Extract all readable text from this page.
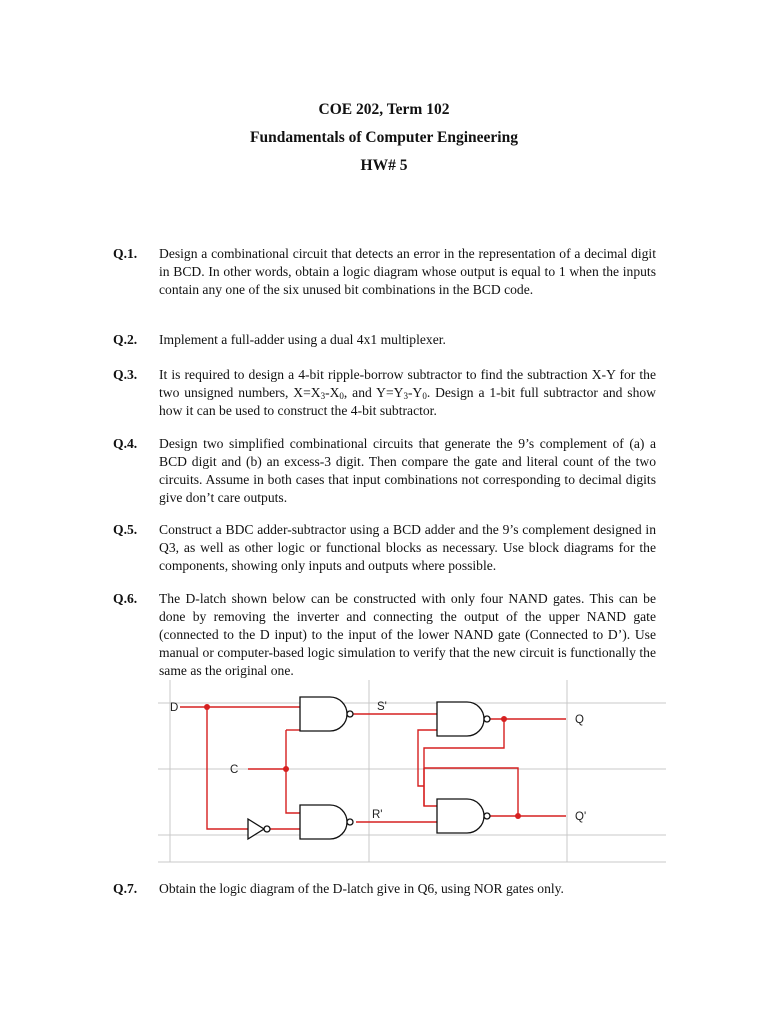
COE 202, Term 102
Fundamentals of Computer Engineering
HW# 5
Q.1. Design a combinational circuit that detects an error in the representation of a decimal digit in BCD. In other words, obtain a logic diagram whose output is equal to 1 when the inputs contain any one of the six unused bit combinations in the BCD code.
Q.2. Implement a full-adder using a dual 4x1 multiplexer.
Q.3. It is required to design a 4-bit ripple-borrow subtractor to find the subtraction X-Y for the two unsigned numbers, $X=X_3-X_0$, and $Y=Y_3-Y_0$. Design a 1-bit full subtractor and show how it can be used to construct the 4-bit subtractor.
Q.4. Design two simplified combinational circuits that generate the 9’s complement of (a) a BCD digit and (b) an excess-3 digit. Then compare the gate and literal count of the two circuits. Assume in both cases that input combinations not corresponding to decimal digits give don’t care outputs.
Q.5. Construct a BDC adder-subtractor using a BCD adder and the 9’s complement designed in Q3, as well as other logic or functional blocks as necessary. Use block diagrams for the components, showing only inputs and outputs where possible.
Q.6. The D-latch shown below can be constructed with only four NAND gates. This can be done by removing the inverter and connecting the output of the upper NAND gate (connected to the D input) to the input of the lower NAND gate (Connected to D’). Use manual or computer-based logic simulation to verify that the new circuit is functionally the same as the original one.
D
C
S'
R'
Q
Q'
Q.7. Obtain the logic diagram of the D-latch give in Q6, using NOR gates only.
